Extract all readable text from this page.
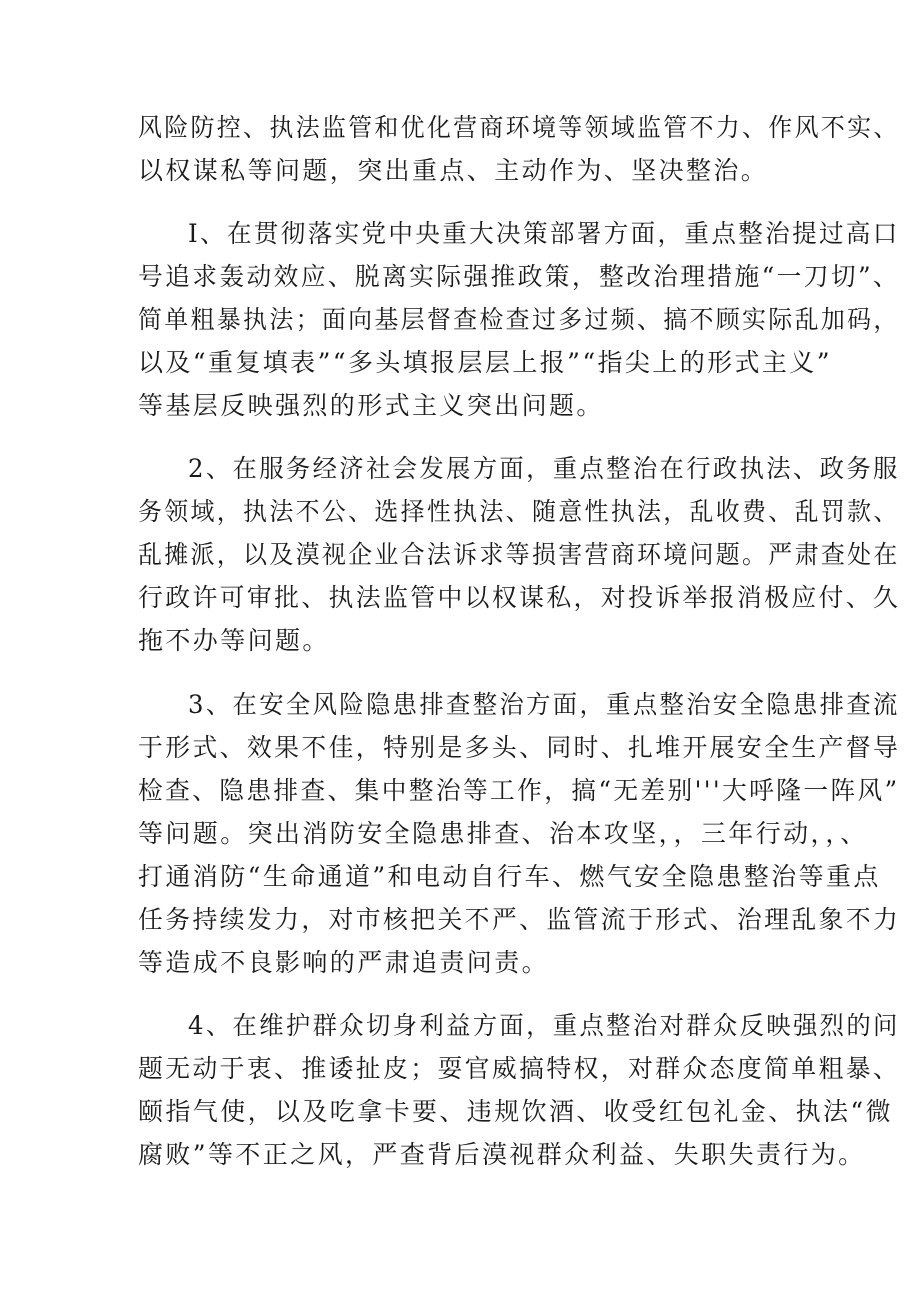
风险防控、执法监管和优化营商环境等领域监管不力、作风不实、
以权谋私等问题，突出重点、主动作为、坚决整治。
I、在贯彻落实党中央重大决策部署方面，重点整治提过高口
号追求轰动效应、脱离实际强推政策，整改治理措施“一刀切”、
简单粗暴执法；面向基层督查检查过多过频、搞不顾实际乱加码，
以及“重复填表”“多头填报层层上报”“指尖上的形式主义”
等基层反映强烈的形式主义突出问题。
2、在服务经济社会发展方面，重点整治在行政执法、政务服
务领域，执法不公、选择性执法、随意性执法，乱收费、乱罚款、
乱摊派，以及漠视企业合法诉求等损害营商环境问题。严肃查处在
行政许可审批、执法监管中以权谋私，对投诉举报消极应付、久
拖不办等问题。
3、在安全风险隐患排查整治方面，重点整治安全隐患排查流
于形式、效果不佳，特别是多头、同时、扎堆开展安全生产督导
检查、隐患排查、集中整治等工作，搞“无差别'''大呼隆一阵风”
等问题。突出消防安全隐患排查、治本攻坚，，三年行动，，、
打通消防“生命通道”和电动自行车、燃气安全隐患整治等重点
任务持续发力，对市核把关不严、监管流于形式、治理乱象不力
等造成不良影响的严肃追责问责。
4、在维护群众切身利益方面，重点整治对群众反映强烈的问
题无动于衷、推诿扯皮；耍官威搞特权，对群众态度简单粗暴、
颐指气使，以及吃拿卡要、违规饮酒、收受红包礼金、执法“微
腐败”等不正之风，严查背后漠视群众利益、失职失责行为。
